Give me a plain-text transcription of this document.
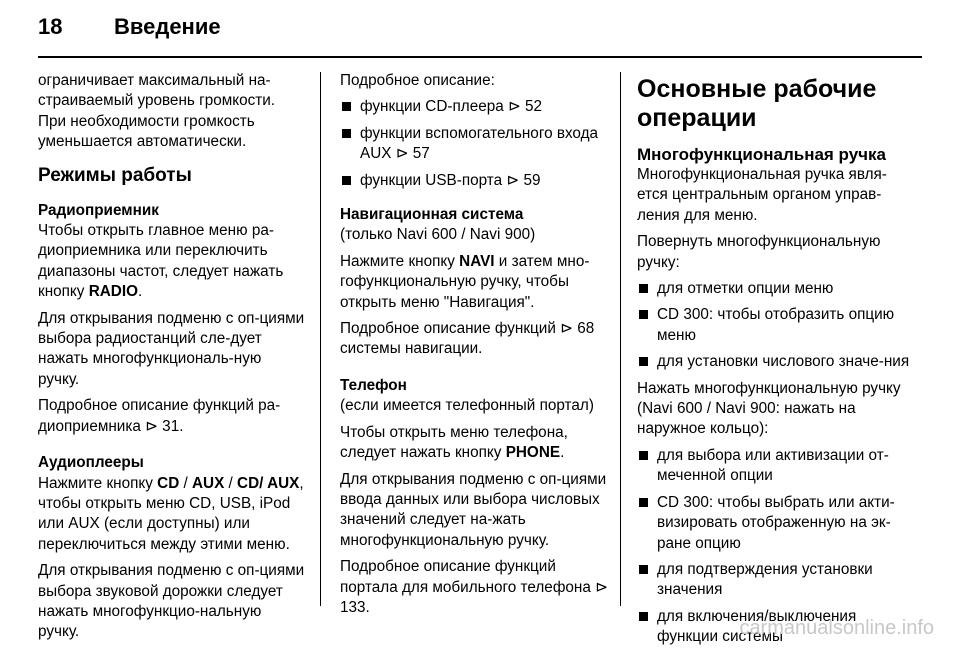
18	Введение

ограничивает максимальный на-страиваемый уровень громкости. При необходимости громкость уменьшается автоматически.

Режимы работы
Радиоприемник

Чтобы открыть главное меню ра-диоприемника или переключить диапазоны частот, следует нажать кнопку RADIO.

Для открывания подменю с оп-циями выбора радиостанций сле-дует нажать многофункциональ-ную ручку.

Подробное описание функций ра-диоприемника ⊳ 31.

Аудиоплееры

Нажмите кнопку CD / AUX / CD/ AUX, чтобы открыть меню CD, USB, iPod или AUX (если доступны) или переключиться между этими меню.

Для открывания подменю с оп-циями выбора звуковой дорожки следует нажать многофункцио-нальную ручку.

Подробное описание:

функции CD-плеера ⊳ 52
функции вспомогательного входа AUX ⊳ 57
функции USB-порта ⊳ 59
Навигационная система

(только Navi 600 / Navi 900)

Нажмите кнопку NAVI и затем мно-гофункциональную ручку, чтобы открыть меню "Навигация".

Подробное описание функций ⊳ 68 системы навигации.

Телефон

(если имеется телефонный портал)

Чтобы открыть меню телефона, следует нажать кнопку PHONE.

Для открывания подменю с оп-циями ввода данных или выбора числовых значений следует на-жать многофункциональную ручку.

Подробное описание функций портала для мобильного телефона ⊳ 133.

Основные рабочие операции
Многофункциональная ручка

Многофункциональная ручка явля-ется центральным органом управ-ления для меню.

Повернуть многофункциональную ручку:

для отметки опции меню
CD 300: чтобы отобразить опцию меню
для установки числового значе-ния

Нажать многофункциональную ручку (Navi 600 / Navi 900: нажать на наружное кольцо):

для выбора или активизации от-меченной опции
CD 300: чтобы выбрать или акти-визировать отображенную на эк-ране опцию
для подтверждения установки значения
для включения/выключения функции системы
carmanualsonline.info
